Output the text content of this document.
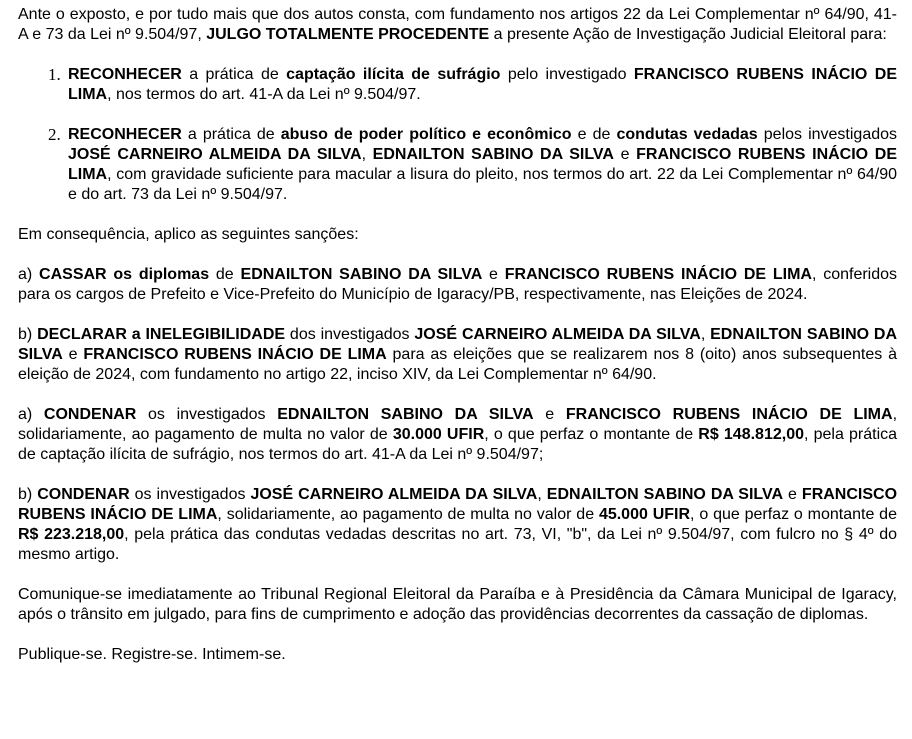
Ante o exposto, e por tudo mais que dos autos consta, com fundamento nos artigos 22 da Lei Complementar nº 64/90, 41-A e 73 da Lei nº 9.504/97, JULGO TOTALMENTE PROCEDENTE a presente Ação de Investigação Judicial Eleitoral para:

1. RECONHECER a prática de captação ilícita de sufrágio pelo investigado FRANCISCO RUBENS INÁCIO DE LIMA, nos termos do art. 41-A da Lei nº 9.504/97.
2. RECONHECER a prática de abuso de poder político e econômico e de condutas vedadas pelos investigados JOSÉ CARNEIRO ALMEIDA DA SILVA, EDNAILTON SABINO DA SILVA e FRANCISCO RUBENS INÁCIO DE LIMA, com gravidade suficiente para macular a lisura do pleito, nos termos do art. 22 da Lei Complementar nº 64/90 e do art. 73 da Lei nº 9.504/97.

Em consequência, aplico as seguintes sanções:

a) CASSAR os diplomas de EDNAILTON SABINO DA SILVA e FRANCISCO RUBENS INÁCIO DE LIMA, conferidos para os cargos de Prefeito e Vice-Prefeito do Município de Igaracy/PB, respectivamente, nas Eleições de 2024.

b) DECLARAR a INELEGIBILIDADE dos investigados JOSÉ CARNEIRO ALMEIDA DA SILVA, EDNAILTON SABINO DA SILVA e FRANCISCO RUBENS INÁCIO DE LIMA para as eleições que se realizarem nos 8 (oito) anos subsequentes à eleição de 2024, com fundamento no artigo 22, inciso XIV, da Lei Complementar nº 64/90.

a) CONDENAR os investigados EDNAILTON SABINO DA SILVA e FRANCISCO RUBENS INÁCIO DE LIMA, solidariamente, ao pagamento de multa no valor de 30.000 UFIR, o que perfaz o montante de R$ 148.812,00, pela prática de captação ilícita de sufrágio, nos termos do art. 41-A da Lei nº 9.504/97;

b) CONDENAR os investigados JOSÉ CARNEIRO ALMEIDA DA SILVA, EDNAILTON SABINO DA SILVA e FRANCISCO RUBENS INÁCIO DE LIMA, solidariamente, ao pagamento de multa no valor de 45.000 UFIR, o que perfaz o montante de R$ 223.218,00, pela prática das condutas vedadas descritas no art. 73, VI, "b", da Lei nº 9.504/97, com fulcro no § 4º do mesmo artigo.

Comunique-se imediatamente ao Tribunal Regional Eleitoral da Paraíba e à Presidência da Câmara Municipal de Igaracy, após o trânsito em julgado, para fins de cumprimento e adoção das providências decorrentes da cassação de diplomas.

Publique-se. Registre-se. Intimem-se.
